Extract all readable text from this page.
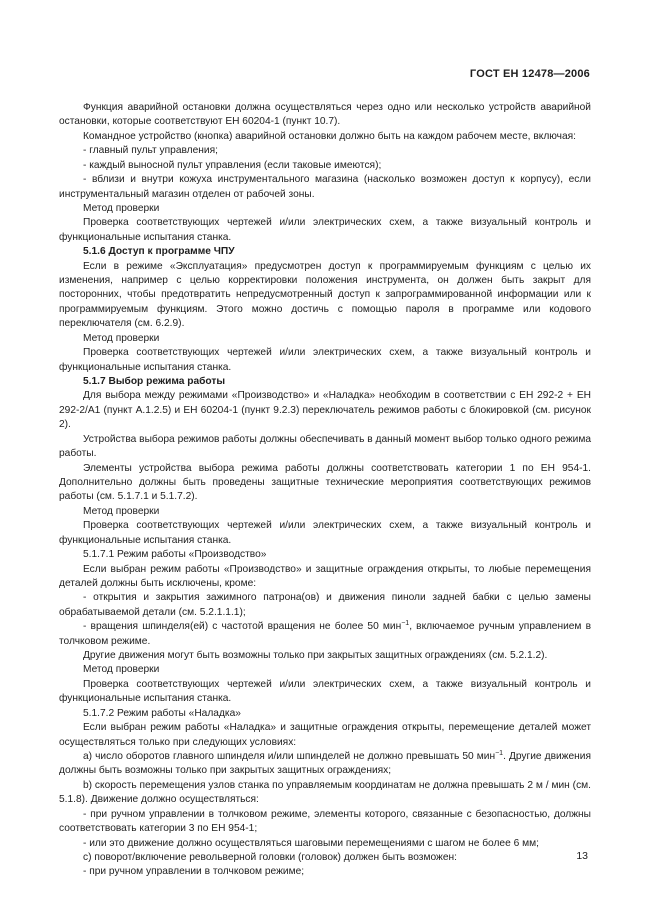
ГОСТ ЕН 12478—2006

Функция аварийной остановки должна осуществляться через одно или несколько устройств аварийной остановки, которые соответствуют ЕН 60204-1 (пункт 10.7).

Командное устройство (кнопка) аварийной остановки должно быть на каждом рабочем месте, включая:

- главный пульт управления;

- каждый выносной пульт управления (если таковые имеются);

- вблизи и внутри кожуха инструментального магазина (насколько возможен доступ к корпусу), если инструментальный магазин отделен от рабочей зоны.

Метод проверки

Проверка соответствующих чертежей и/или электрических схем, а также визуальный контроль и функциональные испытания станка.

5.1.6 Доступ к программе ЧПУ

Если в режиме «Эксплуатация» предусмотрен доступ к программируемым функциям с целью их изменения, например с целью корректировки положения инструмента, он должен быть закрыт для посторонних, чтобы предотвратить непредусмотренный доступ к запрограммированной информации или к программируемым функциям. Этого можно достичь с помощью пароля в программе или кодового переключателя (см. 6.2.9).

Метод проверки

Проверка соответствующих чертежей и/или электрических схем, а также визуальный контроль и функциональные испытания станка.

5.1.7 Выбор режима работы

Для выбора между режимами «Производство» и «Наладка» необходим в соответствии с ЕН 292-2 + ЕН 292-2/А1 (пункт А.1.2.5) и ЕН 60204-1 (пункт 9.2.3) переключатель режимов работы с блокировкой (см. рисунок 2).

Устройства выбора режимов работы должны обеспечивать в данный момент выбор только одного режима работы.

Элементы устройства выбора режима работы должны соответствовать категории 1 по ЕН 954-1. Дополнительно должны быть проведены защитные технические мероприятия соответствующих режимов работы (см. 5.1.7.1 и 5.1.7.2).

Метод проверки

Проверка соответствующих чертежей и/или электрических схем, а также визуальный контроль и функциональные испытания станка.

5.1.7.1 Режим работы «Производство»

Если выбран режим работы «Производство» и защитные ограждения открыты, то любые перемещения деталей должны быть исключены, кроме:

- открытия и закрытия зажимного патрона(ов) и движения пиноли задней бабки с целью замены обрабатываемой детали (см. 5.2.1.1.1);

- вращения шпинделя(ей) с частотой вращения не более 50 мин$^{-1}$, включаемое ручным управлением в толчковом режиме.

Другие движения могут быть возможны только при закрытых защитных ограждениях (см. 5.2.1.2).

Метод проверки

Проверка соответствующих чертежей и/или электрических схем, а также визуальный контроль и функциональные испытания станка.

5.1.7.2 Режим работы «Наладка»

Если выбран режим работы «Наладка» и защитные ограждения открыты, перемещение деталей может осуществляться только при следующих условиях:

а) число оборотов главного шпинделя и/или шпинделей не должно превышать 50 мин$^{-1}$. Другие движения должны быть возможны только при закрытых защитных ограждениях;

b) скорость перемещения узлов станка по управляемым координатам не должна превышать 2 м / мин (см. 5.1.8). Движение должно осуществляться:

- при ручном управлении в толчковом режиме, элементы которого, связанные с безопасностью, должны соответствовать категории 3 по ЕН 954-1;

- или это движение должно осуществляться шаговыми перемещениями с шагом не более 6 мм;

с) поворот/включение револьверной головки (головок) должен быть возможен:

- при ручном управлении в толчковом режиме;

13
